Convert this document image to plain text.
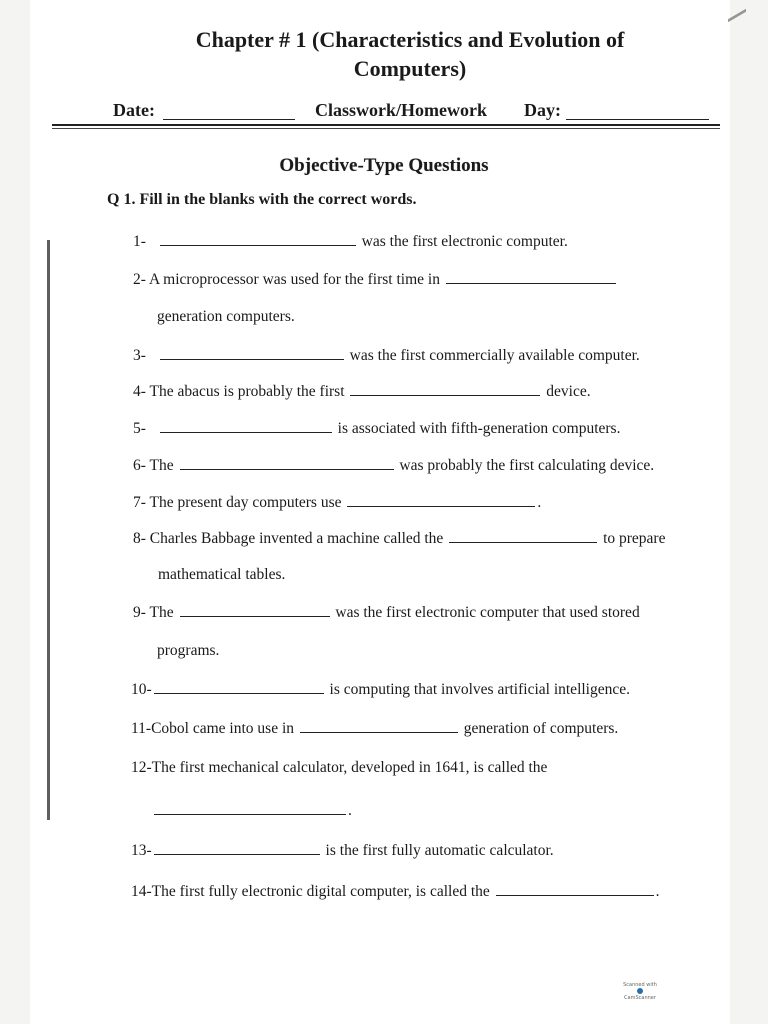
Chapter # 1 (Characteristics and Evolution of
Computers)
Date:	Classwork/Homework Day:
Objective-Type Questions
Q 1. Fill in the blanks with the correct words.
1-	was the first electronic computer.
2- A microprocessor was used for the first time in
generation computers.
3-	was the first commercially available computer.
4- The abacus is probably the first	device.
5-	is associated with fifth-generation computers.
6- The	was probably the first calculating device.
7- The present day computers use	.
8- Charles Babbage invented a machine called the	to prepare
mathematical tables.
9- The	was the first electronic computer that used stored
programs.
10-	is computing that involves artificial intelligence.
11-Cobol came into use in	generation of computers.
12-The first mechanical calculator, developed in 1641, is called the
.
13-	is the first fully automatic calculator.
14-The first fully electronic digital computer, is called the	.
Scanned with
CamScanner
